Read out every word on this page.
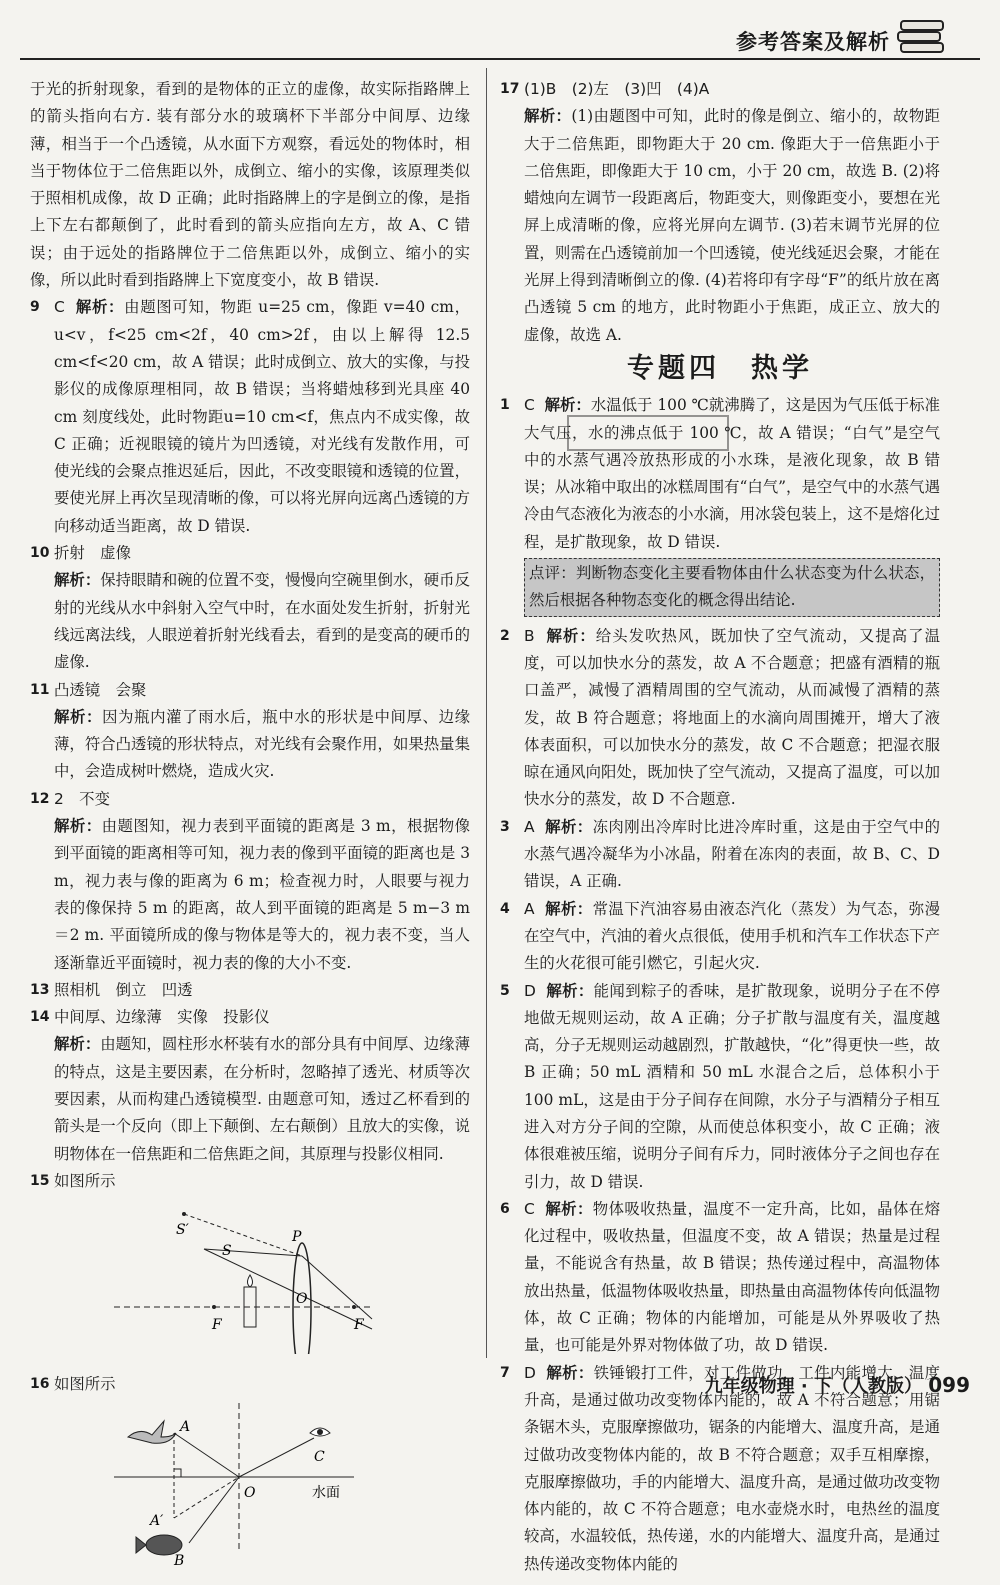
参考答案及解析

于光的折射现象，看到的是物体的正立的虚像，故实际指路牌上的箭头指向右方. 装有部分水的玻璃杯下半部分中间厚、边缘薄，相当于一个凸透镜，从水面下方观察，看远处的物体时，相当于物体位于二倍焦距以外，成倒立、缩小的实像，该原理类似于照相机成像，故 D 正确；此时指路牌上的字是倒立的像，是指上下左右都颠倒了，此时看到的箭头应指向左方，故 A、C 错误；由于远处的指路牌位于二倍焦距以外，成倒立、缩小的实像，所以此时看到指路牌上下宽度变小，故 B 错误.

9 C 解析：由题图可知，物距 u=25 cm，像距 v=40 cm，u<v，f<25 cm<2f，40 cm>2f，由以上解得 12.5 cm<f<20 cm，故 A 错误；此时成倒立、放大的实像，与投影仪的成像原理相同，故 B 错误；当将蜡烛移到光具座 40 cm 刻度线处，此时物距u=10 cm<f，焦点内不成实像，故 C 正确；近视眼镜的镜片为凹透镜，对光线有发散作用，可使光线的会聚点推迟延后，因此，不改变眼镜和透镜的位置，要使光屏上再次呈现清晰的像，可以将光屏向远离凸透镜的方向移动适当距离，故 D 错误.

10 折射　虚像

解析：保持眼睛和碗的位置不变，慢慢向空碗里倒水，硬币反射的光线从水中斜射入空气中时，在水面处发生折射，折射光线远离法线，人眼逆着折射光线看去，看到的是变高的硬币的虚像.

11 凸透镜　会聚

解析：因为瓶内灌了雨水后，瓶中水的形状是中间厚、边缘薄，符合凸透镜的形状特点，对光线有会聚作用，如果热量集中，会造成树叶燃烧，造成火灾.

12 2　不变

解析：由题图知，视力表到平面镜的距离是 3 m，根据物像到平面镜的距离相等可知，视力表的像到平面镜的距离也是 3 m，视力表与像的距离为 6 m；检查视力时，人眼要与视力表的像保持 5 m 的距离，故人到平面镜的距离是 5 m−3 m＝2 m. 平面镜所成的像与物体是等大的，视力表不变，当人逐渐靠近平面镜时，视力表的像的大小不变.

13 照相机　倒立　凹透

14 中间厚、边缘薄　实像　投影仪

解析：由题知，圆柱形水杯装有水的部分具有中间厚、边缘薄的特点，这是主要因素，在分析时，忽略掉了透光、材质等次要因素，从而构建凸透镜模型. 由题意可知，透过乙杯看到的箭头是一个反向（即上下颠倒、左右颠倒）且放大的实像，说明物体在一倍焦距和二倍焦距之间，其原理与投影仪相同.

15 如图所示

S′
S
P
O
F	F
16 如图所示

A
C
O
A′
B
水面
17 (1)B　(2)左　(3)凹　(4)A

解析：(1)由题图中可知，此时的像是倒立、缩小的，故物距大于二倍焦距，即物距大于 20 cm. 像距大于一倍焦距小于二倍焦距，即像距大于 10 cm，小于 20 cm，故选 B. (2)将蜡烛向左调节一段距离后，物距变大，则像距变小，要想在光屏上成清晰的像，应将光屏向左调节. (3)若末调节光屏的位置，则需在凸透镜前加一个凹透镜，使光线延迟会聚，才能在光屏上得到清晰倒立的像. (4)若将印有字母“F”的纸片放在离凸透镜 5 cm 的地方，此时物距小于焦距，成正立、放大的虚像，故选 A.

专题四　热学
1 C 解析：水温低于 100 ℃就沸腾了，这是因为气压低于标准大气压，水的沸点低于 100 ℃，故 A 错误；“白气”是空气中的水蒸气遇冷放热形成的小水珠，是液化现象，故 B 错误；从冰箱中取出的冰糕周围有“白气”，是空气中的水蒸气遇冷由气态液化为液态的小水滴，用冰袋包装上，这不是熔化过程，是扩散现象，故 D 错误.

点评：判断物态变化主要看物体由什么状态变为什么状态，然后根据各种物态变化的概念得出结论.

2 B 解析：给头发吹热风，既加快了空气流动，又提高了温度，可以加快水分的蒸发，故 A 不合题意；把盛有酒精的瓶口盖严，减慢了酒精周围的空气流动，从而减慢了酒精的蒸发，故 B 符合题意；将地面上的水滴向周围摊开，增大了液体表面积，可以加快水分的蒸发，故 C 不合题意；把湿衣服晾在通风向阳处，既加快了空气流动，又提高了温度，可以加快水分的蒸发，故 D 不合题意.

3 A 解析：冻肉刚出冷库时比进冷库时重，这是由于空气中的水蒸气遇冷凝华为小冰晶，附着在冻肉的表面，故 B、C、D 错误，A 正确.

4 A 解析：常温下汽油容易由液态汽化（蒸发）为气态，弥漫在空气中，汽油的着火点很低，使用手机和汽车工作状态下产生的火花很可能引燃它，引起火灾.

5 D 解析：能闻到粽子的香味，是扩散现象，说明分子在不停地做无规则运动，故 A 正确；分子扩散与温度有关，温度越高，分子无规则运动越剧烈，扩散越快，“化”得更快一些，故 B 正确；50 mL 酒精和 50 mL 水混合之后，总体积小于 100 mL，这是由于分子间存在间隙，水分子与酒精分子相互进入对方分子间的空隙，从而使总体积变小，故 C 正确；液体很难被压缩，说明分子间有斥力，同时液体分子之间也存在引力，故 D 错误.

6 C 解析：物体吸收热量，温度不一定升高，比如，晶体在熔化过程中，吸收热量，但温度不变，故 A 错误；热量是过程量，不能说含有热量，故 B 错误；热传递过程中，高温物体放出热量，低温物体吸收热量，即热量由高温物体传向低温物体，故 C 正确；物体的内能增加，可能是从外界吸收了热量，也可能是外界对物体做了功，故 D 错误.

7 D 解析：铁锤锻打工件，对工件做功，工件内能增大、温度升高，是通过做功改变物体内能的，故 A 不符合题意；用锯条锯木头，克服摩擦做功，锯条的内能增大、温度升高，是通过做功改变物体内能的，故 B 不符合题意；双手互相摩擦，克服摩擦做功，手的内能增大、温度升高，是通过做功改变物体内能的，故 C 不符合题意；电水壶烧水时，电热丝的温度较高，水温较低，热传递，水的内能增大、温度升高，是通过热传递改变物体内能的

九年级物理 · 下（人教版） 099
